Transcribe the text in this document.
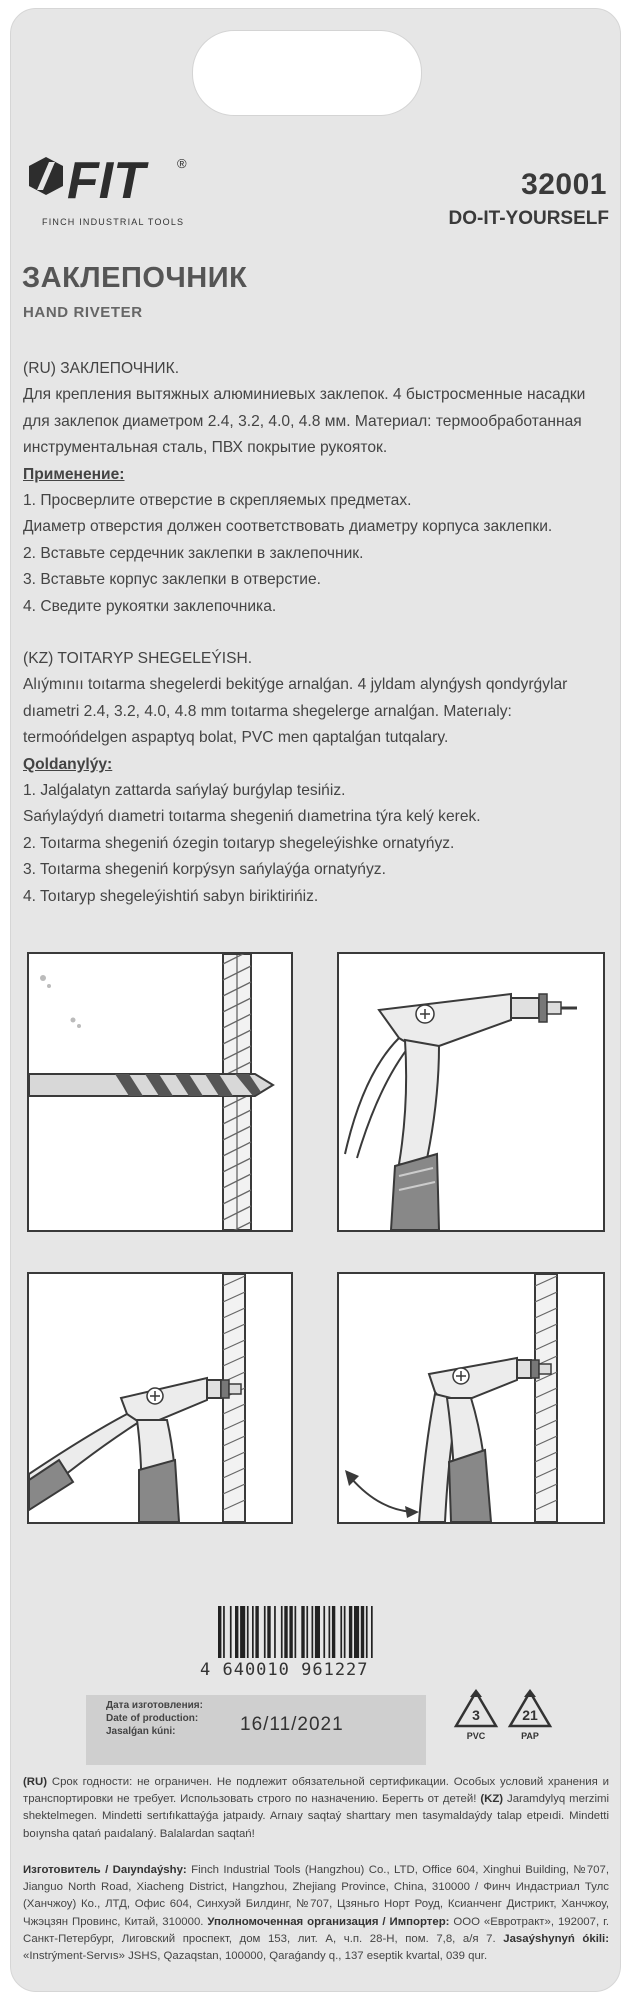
FIT	®
FINCH INDUSTRIAL TOOLS
32001
DO-IT-YOURSELF
ЗАКЛЕПОЧНИК
HAND RIVETER

(RU) ЗАКЛЕПОЧНИК.

Для крепления вытяжных алюминиевых заклепок. 4 быстросменные насадки

для заклепок диаметром 2.4, 3.2, 4.0, 4.8 мм. Материал: термообработанная

инструментальная сталь, ПВХ покрытие рукояток.

Применение:

1. Просверлите отверстие в скрепляемых предметах.

Диаметр отверстия должен соответствовать диаметру корпуса заклепки.

2. Вставьте сердечник заклепки в заклепочник.

3. Вставьте корпус заклепки в отверстие.

4. Сведите рукоятки заклепочника.

(KZ) TOITARYP SHEGELEÝISH.

Alıýmınıı toıtarma shegelerdi bekitýge arnalǵan. 4 jyldam alynǵysh qondyrǵylar

dıametri 2.4, 3.2, 4.0, 4.8 mm toıtarma shegelerge arnalǵan. Materıaly:

termoóńdelgen aspaptyq bolat, PVC men qaptalǵan tutqalary.

Qoldanylýy:

1. Jalǵalatyn zattarda sańylaý burǵylap tesińiz.

Sańylaýdyń dıametri toıtarma shegeniń dıametrina týra kelý kerek.

2. Toıtarma shegeniń ózegin toıtaryp shegeleýishke ornatyńyz.

3. Toıtarma shegeniń korpýsyn sańylaýǵa ornatyńyz.

4. Toıtaryp shegeleýishtiń sabyn biriktirińiz.

4 640010 961227
Дата изготовления:
Date of production:
Jasalǵan kúni:	16/11/2021	3
PVC
21
PAP

(RU) Срок годности: не ограничен. Не подлежит обязательной сертификации. Особых условий хранения и транспортировки не требует. Использовать строго по назначению. Берегть от детей! (KZ) Jaramdylyq merzimi shektelmegen. Mindetti sertıfıkattaýǵa jatpaıdy. Arnaıy saqtaý sharttary men tasymaldaýdy talap etpeıdi. Mindetti boıynsha qatań paıdalaný. Balalardan saqtań!

Изготовитель / Daıyndaýshy: Finch Industrial Tools (Hangzhou) Co., LTD, Office 604, Xinghui Building, №707, Jianguo North Road, Xiacheng District, Hangzhou, Zhejiang Province, China, 310000 / Финч Индастриал Тулс (Ханчжоу) Ко., ЛТД, Офис 604, Синхуэй Билдинг, №707, Цзяньго Норт Роуд, Ксианченг Дистрикт, Ханчжоу, Чжэцзян Провинс, Китай, 310000. Уполномоченная организация / Импортер: ООО «Евротракт», 192007, г. Санкт-Петербург, Лиговский проспект, дом 153, лит. А, ч.п. 28-Н, пом. 7,8, а/я 7. Jasaýshynyń ókili: «Instrýment-Servıs» JSHS, Qazaqstan, 100000, Qaraǵandy q., 137 eseptik kvartal, 039 qur.
